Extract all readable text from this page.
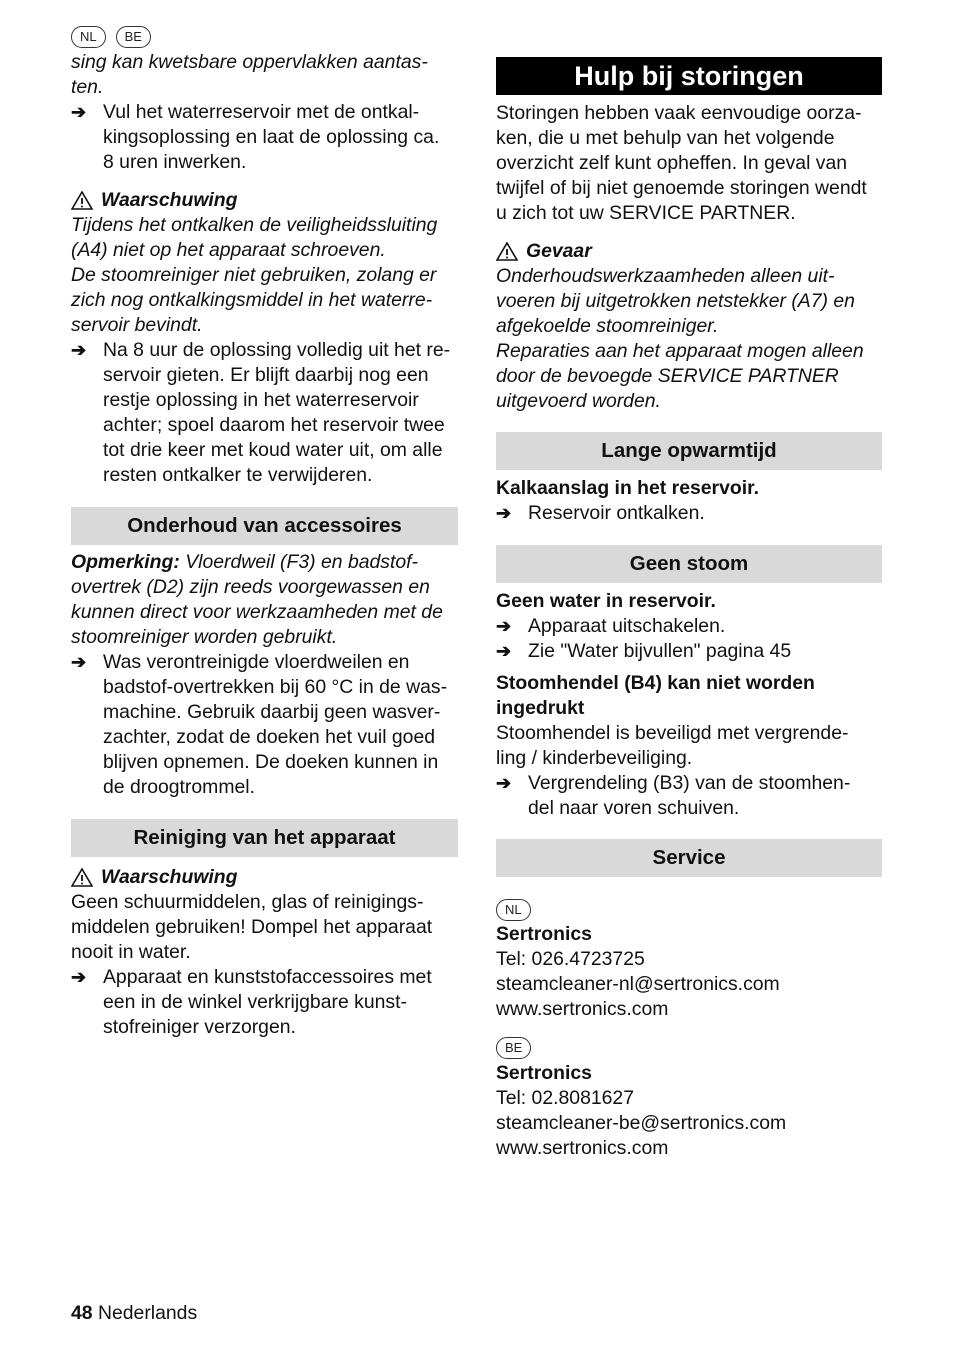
NL	BE
sing kan kwetsbare oppervlakken aantas-
ten.
➔ Vul het waterreservoir met de ontkal-
kingsoplossing en laat de oplossing ca.
8 uren inwerken.
Waarschuwing
Tijdens het ontkalken de veiligheidssluiting
(A4) niet op het apparaat schroeven.
De stoomreiniger niet gebruiken, zolang er
zich nog ontkalkingsmiddel in het waterre-
servoir bevindt.
➔ Na 8 uur de oplossing volledig uit het re-
servoir gieten. Er blijft daarbij nog een
restje oplossing in het waterreservoir
achter; spoel daarom het reservoir twee
tot drie keer met koud water uit, om alle
resten ontkalker te verwijderen.
Onderhoud van accessoires
Opmerking: Vloerdweil (F3) en badstof-
overtrek (D2) zijn reeds voorgewassen en
kunnen direct voor werkzaamheden met de
stoomreiniger worden gebruikt.
➔ Was verontreinigde vloerdweilen en
badstof-overtrekken bij 60 °C in de was-
machine. Gebruik daarbij geen wasver-
zachter, zodat de doeken het vuil goed
blijven opnemen. De doeken kunnen in
de droogtrommel.
Reiniging van het apparaat
Waarschuwing
Geen schuurmiddelen, glas of reinigings-
middelen gebruiken! Dompel het apparaat
nooit in water.
➔ Apparaat en kunststofaccessoires met
een in de winkel verkrijgbare kunst-
stofreiniger verzorgen.
Hulp bij storingen
Storingen hebben vaak eenvoudige oorza-
ken, die u met behulp van het volgende
overzicht zelf kunt opheffen. In geval van
twijfel of bij niet genoemde storingen wendt
u zich tot uw SERVICE PARTNER.
Gevaar
Onderhoudswerkzaamheden alleen uit-
voeren bij uitgetrokken netstekker (A7) en
afgekoelde stoomreiniger.
Reparaties aan het apparaat mogen alleen
door de bevoegde SERVICE PARTNER
uitgevoerd worden.
Lange opwarmtijd
Kalkaanslag in het reservoir.
➔ Reservoir ontkalken.
Geen stoom
Geen water in reservoir.
➔ Apparaat uitschakelen.
➔ Zie "Water bijvullen" pagina 45
Stoomhendel (B4) kan niet worden
ingedrukt
Stoomhendel is beveiligd met vergrende-
ling / kinderbeveiliging.
➔ Vergrendeling (B3) van de stoomhen-
del naar voren schuiven.
Service
NL
Sertronics
Tel: 026.4723725
steamcleaner-nl@sertronics.com
www.sertronics.com
BE
Sertronics
Tel: 02.8081627
steamcleaner-be@sertronics.com
www.sertronics.com
48 Nederlands
